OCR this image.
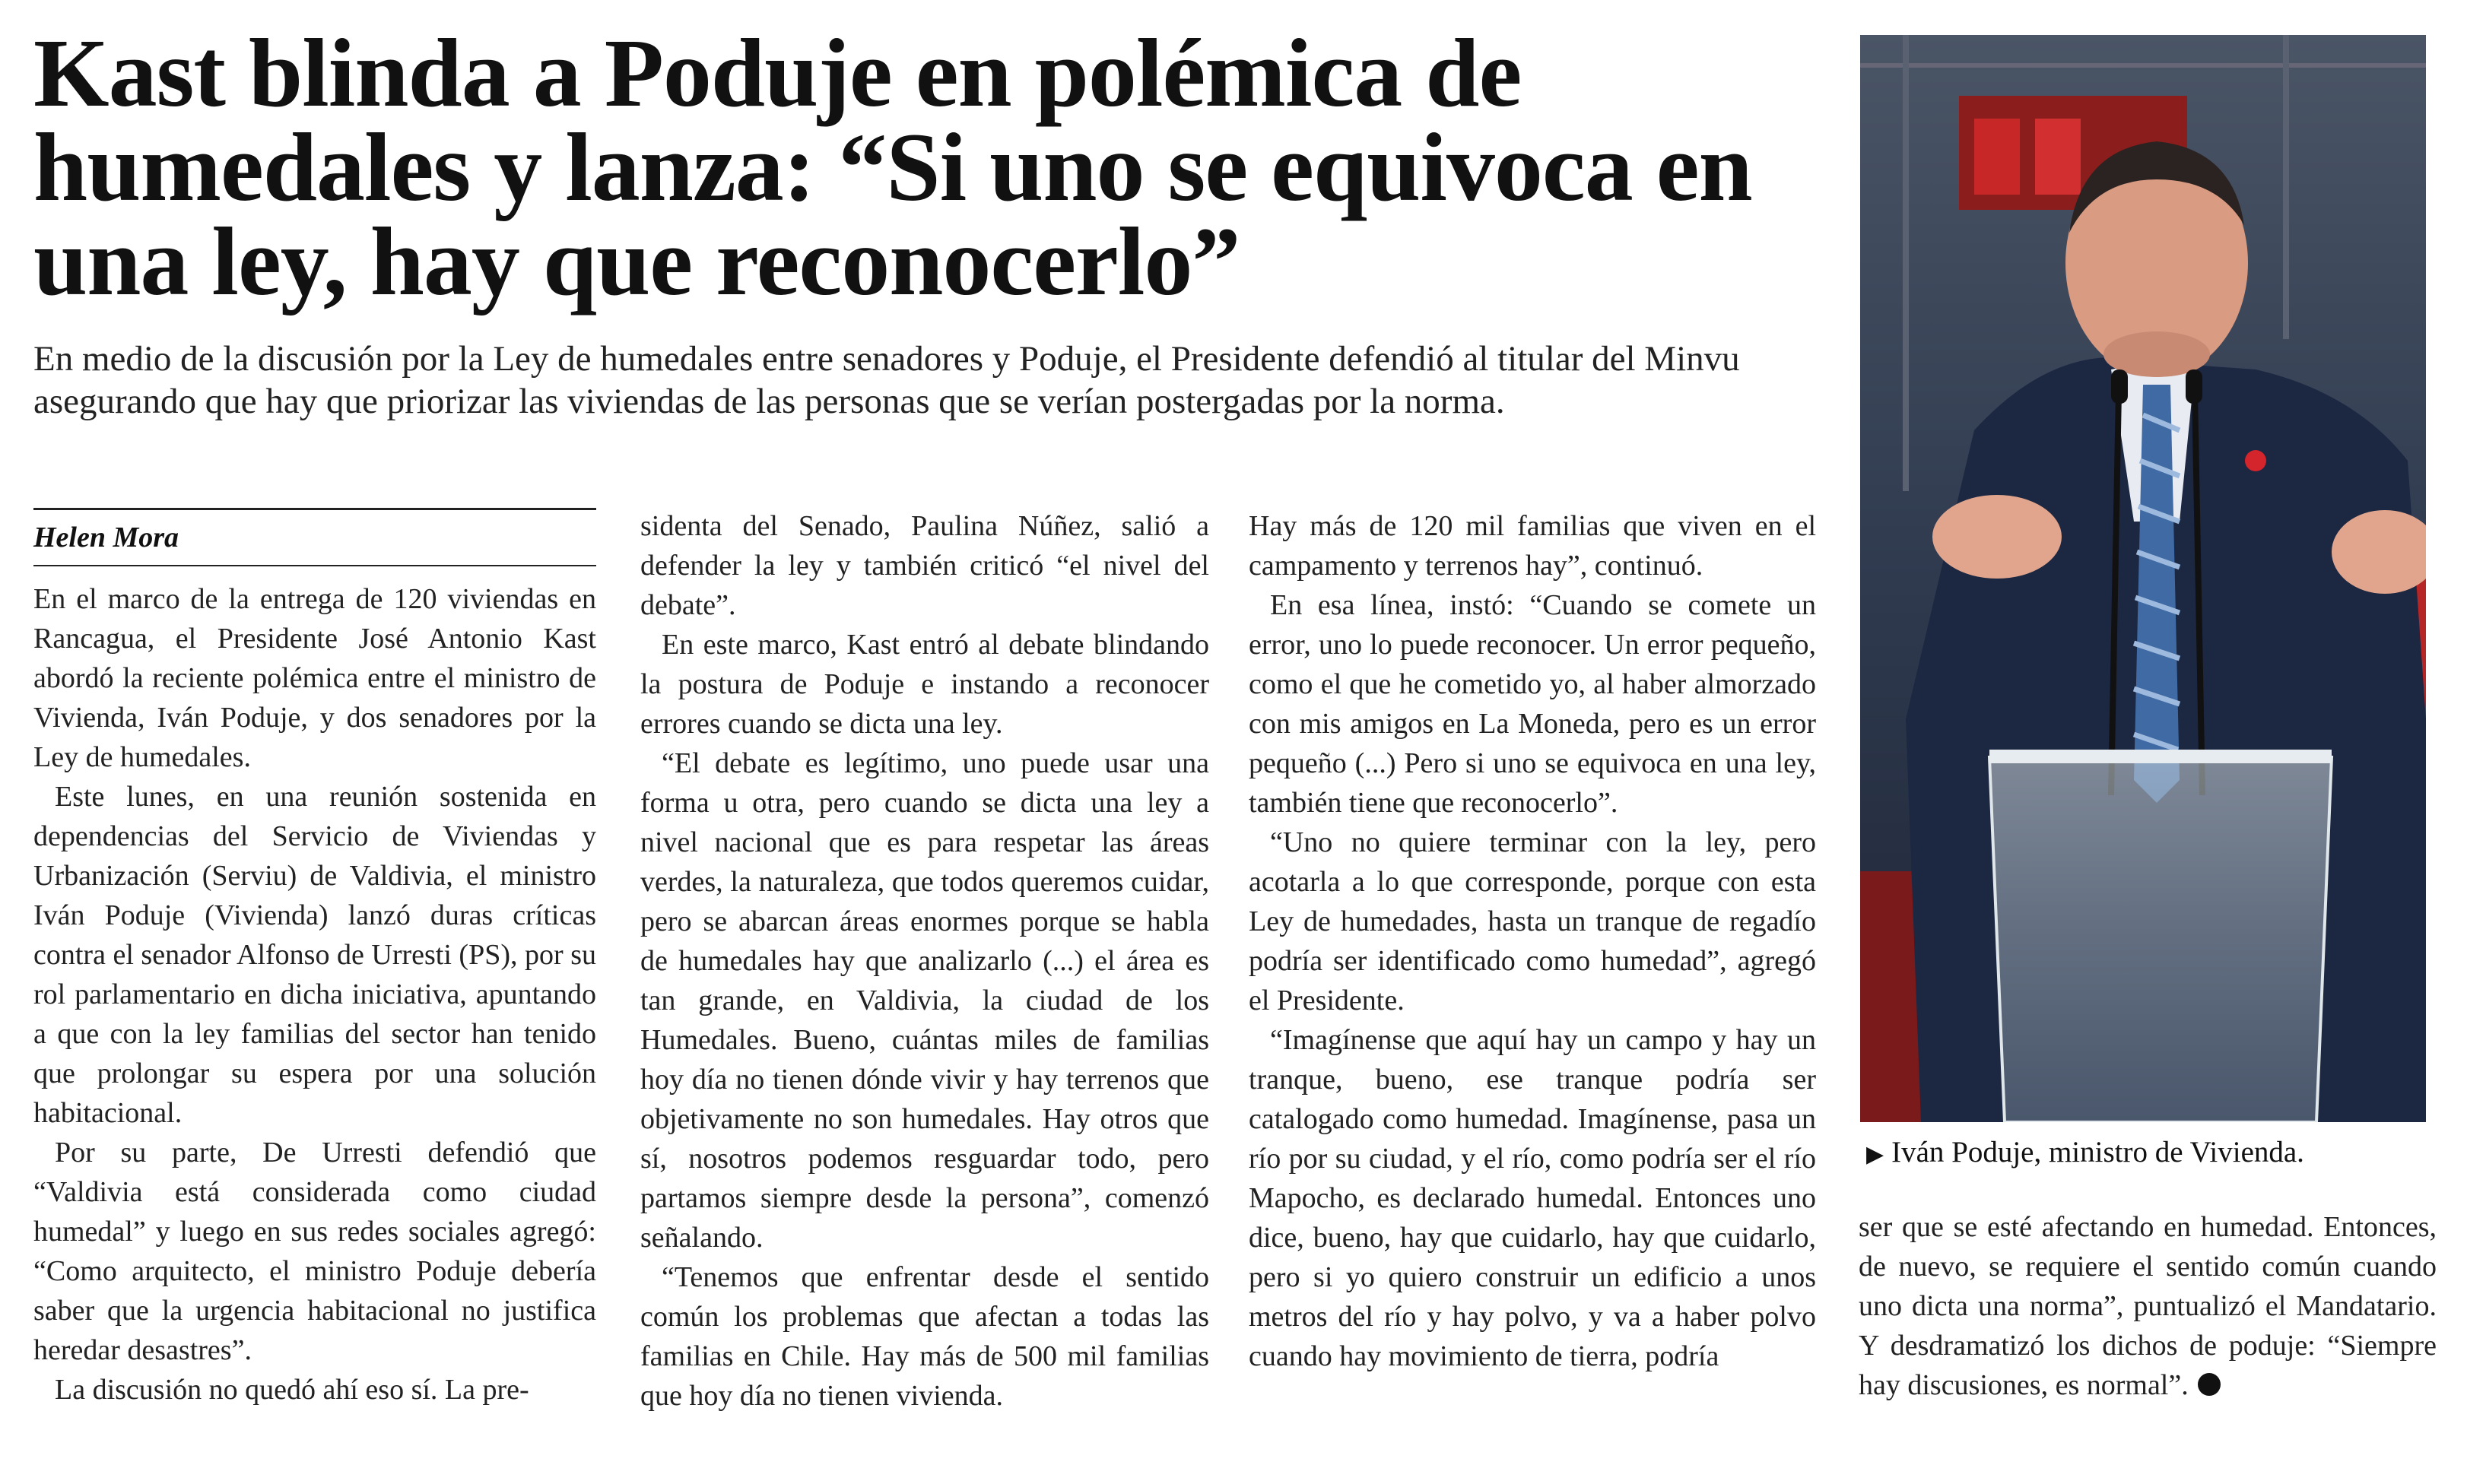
Kast blinda a Poduje en polémica de humedales y lanza: “Si uno se equivoca en una ley, hay que reconocerlo”

En medio de la discusión por la Ley de humedales entre senadores y Poduje, el Presidente defendió al titular del Minvu asegurando que hay que priorizar las viviendas de las personas que se verían postergadas por la norma.

Helen Mora

En el marco de la entrega de 120 viviendas en Rancagua, el Presidente José Antonio Kast abordó la reciente polémica entre el ministro de Vivienda, Iván Poduje, y dos senadores por la Ley de humedales.

Este lunes, en una reunión sostenida en dependencias del Servicio de Viviendas y Urbanización (Serviu) de Valdivia, el ministro Iván Poduje (Vivienda) lanzó duras críticas contra el senador Alfonso de Urresti (PS), por su rol parlamentario en dicha iniciativa, apuntando a que con la ley familias del sector han tenido que prolongar su espera por una solución habitacional.

Por su parte, De Urresti defendió que “Valdivia está considerada como ciudad humedal” y luego en sus redes sociales agregó: “Como arquitecto, el ministro Poduje debería saber que la urgencia habitacional no justifica heredar desastres”.

La discusión no quedó ahí eso sí. La pre-

sidenta del Senado, Paulina Núñez, salió a defender la ley y también criticó “el nivel del debate”.

En este marco, Kast entró al debate blindando la postura de Poduje e instando a reconocer errores cuando se dicta una ley.

“El debate es legítimo, uno puede usar una forma u otra, pero cuando se dicta una ley a nivel nacional que es para respetar las áreas verdes, la naturaleza, que todos queremos cuidar, pero se abarcan áreas enormes porque se habla de humedales hay que analizarlo (...) el área es tan grande, en Valdivia, la ciudad de los Humedales. Bueno, cuántas miles de familias hoy día no tienen dónde vivir y hay terrenos que objetivamente no son humedales. Hay otros que sí, nosotros podemos resguardar todo, pero partamos siempre desde la persona”, comenzó señalando.

“Tenemos que enfrentar desde el sentido común los problemas que afectan a todas las familias en Chile. Hay más de 500 mil familias que hoy día no tienen vivienda.

Hay más de 120 mil familias que viven en el campamento y terrenos hay”, continuó.

En esa línea, instó: “Cuando se comete un error, uno lo puede reconocer. Un error pequeño, como el que he cometido yo, al haber almorzado con mis amigos en La Moneda, pero es un error pequeño (...) Pero si uno se equivoca en una ley, también tiene que reconocerlo”.

“Uno no quiere terminar con la ley, pero acotarla a lo que corresponde, porque con esta Ley de humedades, hasta un tranque de regadío podría ser identificado como humedad”, agregó el Presidente.

“Imagínense que aquí hay un campo y hay un tranque, bueno, ese tranque podría ser catalogado como humedad. Imagínense, pasa un río por su ciudad, y el río, como podría ser el río Mapocho, es declarado humedal. Entonces uno dice, bueno, hay que cuidarlo, hay que cuidarlo, pero si yo quiero construir un edificio a unos metros del río y hay polvo, y va a haber polvo cuando hay movimiento de tierra, podría

▶ Iván Poduje, ministro de Vivienda.

ser que se esté afectando en humedad. Entonces, de nuevo, se requiere el sentido común cuando uno dicta una norma”, puntualizó el Mandatario. Y desdramatizó los dichos de poduje: “Siempre hay discusiones, es normal”.
